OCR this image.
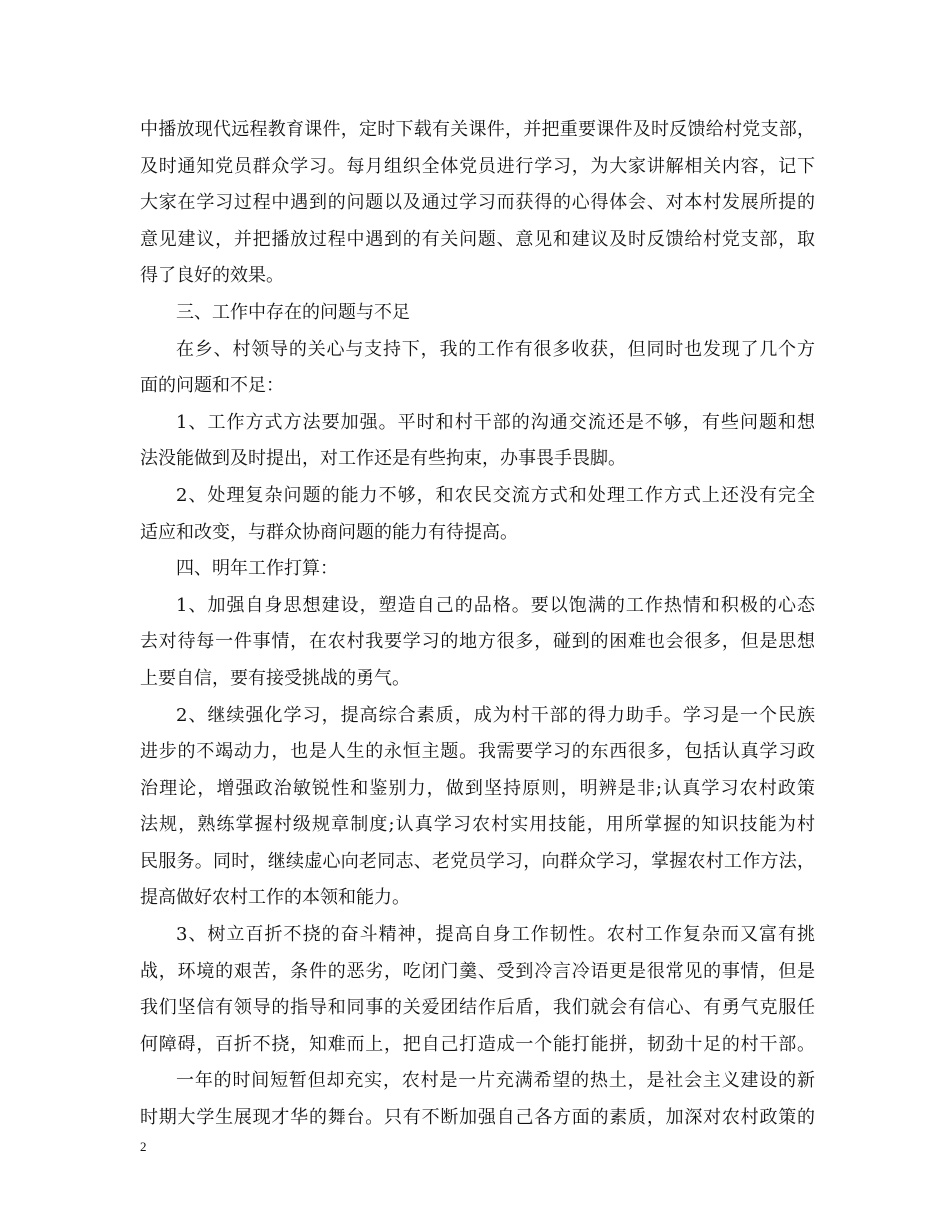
中播放现代远程教育课件，定时下载有关课件，并把重要课件及时反馈给村党支部，
及时通知党员群众学习。每月组织全体党员进行学习，为大家讲解相关内容，记下
大家在学习过程中遇到的问题以及通过学习而获得的心得体会、对本村发展所提的
意见建议，并把播放过程中遇到的有关问题、意见和建议及时反馈给村党支部，取
得了良好的效果。
三、工作中存在的问题与不足
在乡、村领导的关心与支持下，我的工作有很多收获，但同时也发现了几个方
面的问题和不足：
1、工作方式方法要加强。平时和村干部的沟通交流还是不够，有些问题和想
法没能做到及时提出，对工作还是有些拘束，办事畏手畏脚。
2、处理复杂问题的能力不够，和农民交流方式和处理工作方式上还没有完全
适应和改变，与群众协商问题的能力有待提高。
四、明年工作打算：
1、加强自身思想建设，塑造自己的品格。要以饱满的工作热情和积极的心态
去对待每一件事情，在农村我要学习的地方很多，碰到的困难也会很多，但是思想
上要自信，要有接受挑战的勇气。
2、继续强化学习，提高综合素质，成为村干部的得力助手。学习是一个民族
进步的不竭动力，也是人生的永恒主题。我需要学习的东西很多，包括认真学习政
治理论，增强政治敏锐性和鉴别力，做到坚持原则，明辨是非;认真学习农村政策
法规，熟练掌握村级规章制度;认真学习农村实用技能，用所掌握的知识技能为村
民服务。同时，继续虚心向老同志、老党员学习，向群众学习，掌握农村工作方法，
提高做好农村工作的本领和能力。
3、树立百折不挠的奋斗精神，提高自身工作韧性。农村工作复杂而又富有挑
战，环境的艰苦，条件的恶劣，吃闭门羹、受到冷言冷语更是很常见的事情，但是
我们坚信有领导的指导和同事的关爱团结作后盾，我们就会有信心、有勇气克服任
何障碍，百折不挠，知难而上，把自己打造成一个能打能拼，韧劲十足的村干部。
一年的时间短暂但却充实，农村是一片充满希望的热土，是社会主义建设的新
时期大学生展现才华的舞台。只有不断加强自己各方面的素质，加深对农村政策的
2
